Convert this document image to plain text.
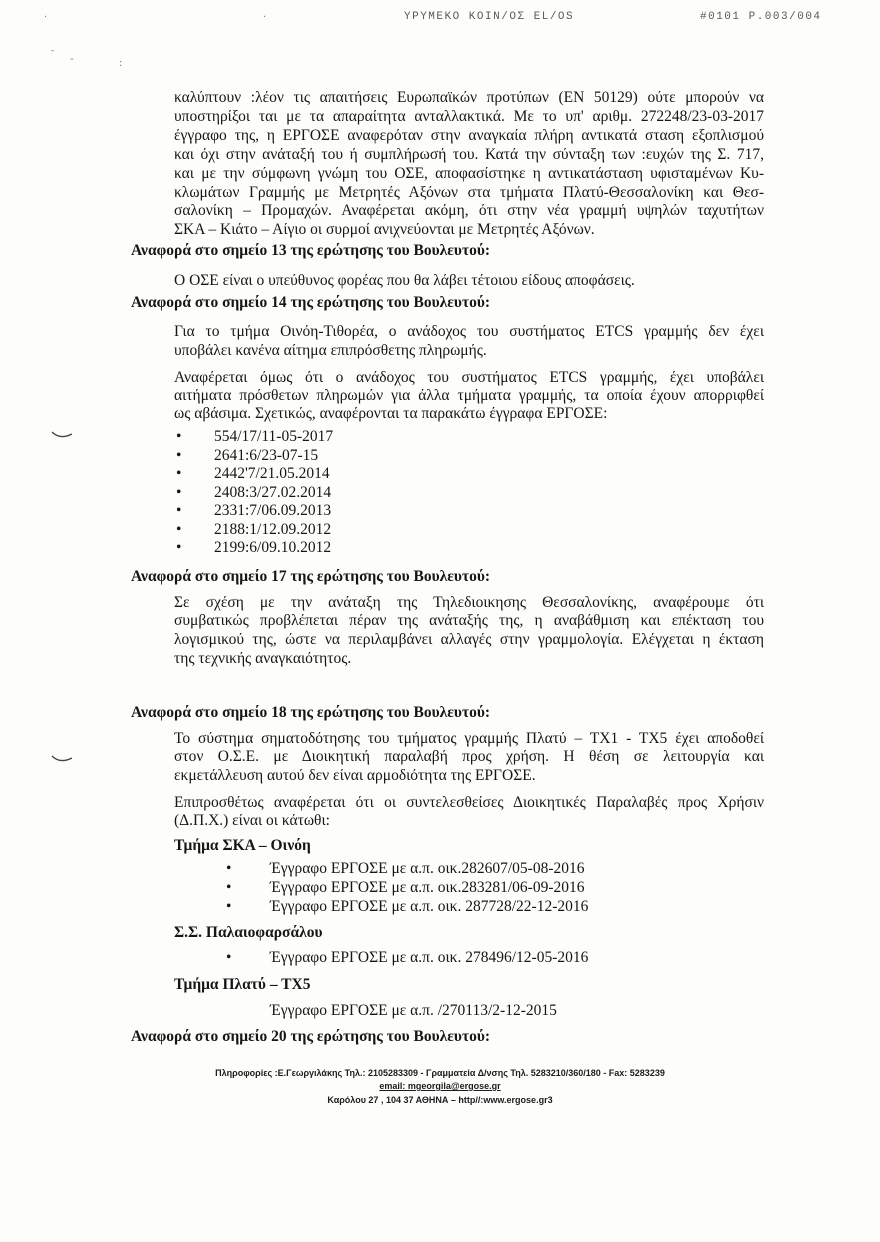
·	·
ˉ -	:
ΥΡΥΜΕΚΟ ΚΟΙΝ/ΟΣ ΕL/ΟS	#0101 Ρ.003/004
καλύπτουν :λέον τις απαιτήσεις Ευρωπαϊκών προτύπων (EN 50129) ούτε μπορούν να
υποστηρίξοι ται με τα απαραίτητα ανταλλακτικά. Με το υπ' αριθμ. 272248/23-03-2017
έγγραφο της, η ΕΡΓΟΣΕ αναφερόταν στην αναγκαία πλήρη αντικατά σταση εξοπλισμού
και όχι στην ανάταξή του ή συμπλήρωσή του. Κατά την σύνταξη των :ευχών της Σ. 717,
και με την σύμφωνη γνώμη του ΟΣΕ, αποφασίστηκε η αντικατάσταση υφισταμένων Κυ-
κλωμάτων Γραμμής με Μετρητές Αξόνων στα τμήματα Πλατύ-Θεσσαλονίκη και Θεσ-
σαλονίκη – Προμαχών. Αναφέρεται ακόμη, ότι στην νέα γραμμή υψηλών ταχυτήτων
ΣΚΑ – Κιάτο – Αίγιο οι συρμοί ανιχνεύονται με Μετρητές Αξόνων.
Αναφορά στο σημείο 13 της ερώτησης του Βουλευτού:
Ο ΟΣΕ είναι ο υπεύθυνος φορέας που θα λάβει τέτοιου είδους αποφάσεις.
Αναφορά στο σημείο 14 της ερώτησης του Βουλευτού:
Για το τμήμα Οινόη-Τιθορέα, ο ανάδοχος του συστήματος ETCS γραμμής δεν έχει
υποβάλει κανένα αίτημα επιπρόσθετης πληρωμής.
Αναφέρεται όμως ότι ο ανάδοχος του συστήματος ETCS γραμμής, έχει υποβάλει
αιτήματα πρόσθετων πληρωμών για άλλα τμήματα γραμμής, τα οποία έχουν απορριφθεί
ως αβάσιμα. Σχετικώς, αναφέρονται τα παρακάτω έγγραφα ΕΡΓΟΣΕ:
•	554/17/11-05-2017
•	2641:6/23-07-15
•	2442'7/21.05.2014
•	2408:3/27.02.2014
•	2331:7/06.09.2013
•	2188:1/12.09.2012
•	2199:6/09.10.2012
Αναφορά στο σημείο 17 της ερώτησης του Βουλευτού:
Σε σχέση με την ανάταξη της Τηλεδιοικησης Θεσσαλονίκης, αναφέρουμε ότι
συμβατικώς προβλέπεται πέραν της ανάταξής της, η αναβάθμιση και επέκταση του
λογισμικού της, ώστε να περιλαμβάνει αλλαγές στην γραμμολογία. Ελέγχεται η έκταση
της τεχνικής αναγκαιότητος.
Αναφορά στο σημείο 18 της ερώτησης του Βουλευτού:
Το σύστημα σηματοδότησης του τμήματος γραμμής Πλατύ – ΤΧ1 - ΤΧ5 έχει αποδοθεί
στον Ο.Σ.Ε. με Διοικητική παραλαβή προς χρήση. Η θέση σε λειτουργία και
εκμετάλλευση αυτού δεν είναι αρμοδιότητα της ΕΡΓΟΣΕ.
Επιπροσθέτως αναφέρεται ότι οι συντελεσθείσες Διοικητικές Παραλαβές προς Χρήσιν
(Δ.Π.Χ.) είναι οι κάτωθι:
Τμήμα ΣΚΑ – Οινόη
•	Έγγραφο ΕΡΓΟΣΕ με α.π. οικ.282607/05-08-2016
•	Έγγραφο ΕΡΓΟΣΕ με α.π. οικ.283281/06-09-2016
•	Έγγραφο ΕΡΓΟΣΕ με α.π. οικ. 287728/22-12-2016
Σ.Σ. Παλαιοφαρσάλου
•	Έγγραφο ΕΡΓΟΣΕ με α.π. οικ. 278496/12-05-2016
Τμήμα Πλατύ – ΤΧ5
Έγγραφο ΕΡΓΟΣΕ με α.π. /270113/2-12-2015
Αναφορά στο σημείο 20 της ερώτησης του Βουλευτού:
Πληροφορίες :Ε.Γεωργιλάκης Τηλ.: 2105283309 - Γραμματεία Δ/νσης Τηλ. 5283210/360/180 - Fax: 5283239
email: mgeorgila@ergose.gr
Καρόλου 27 , 104 37 ΑΘΗΝΑ – http//:www.ergose.gr3
